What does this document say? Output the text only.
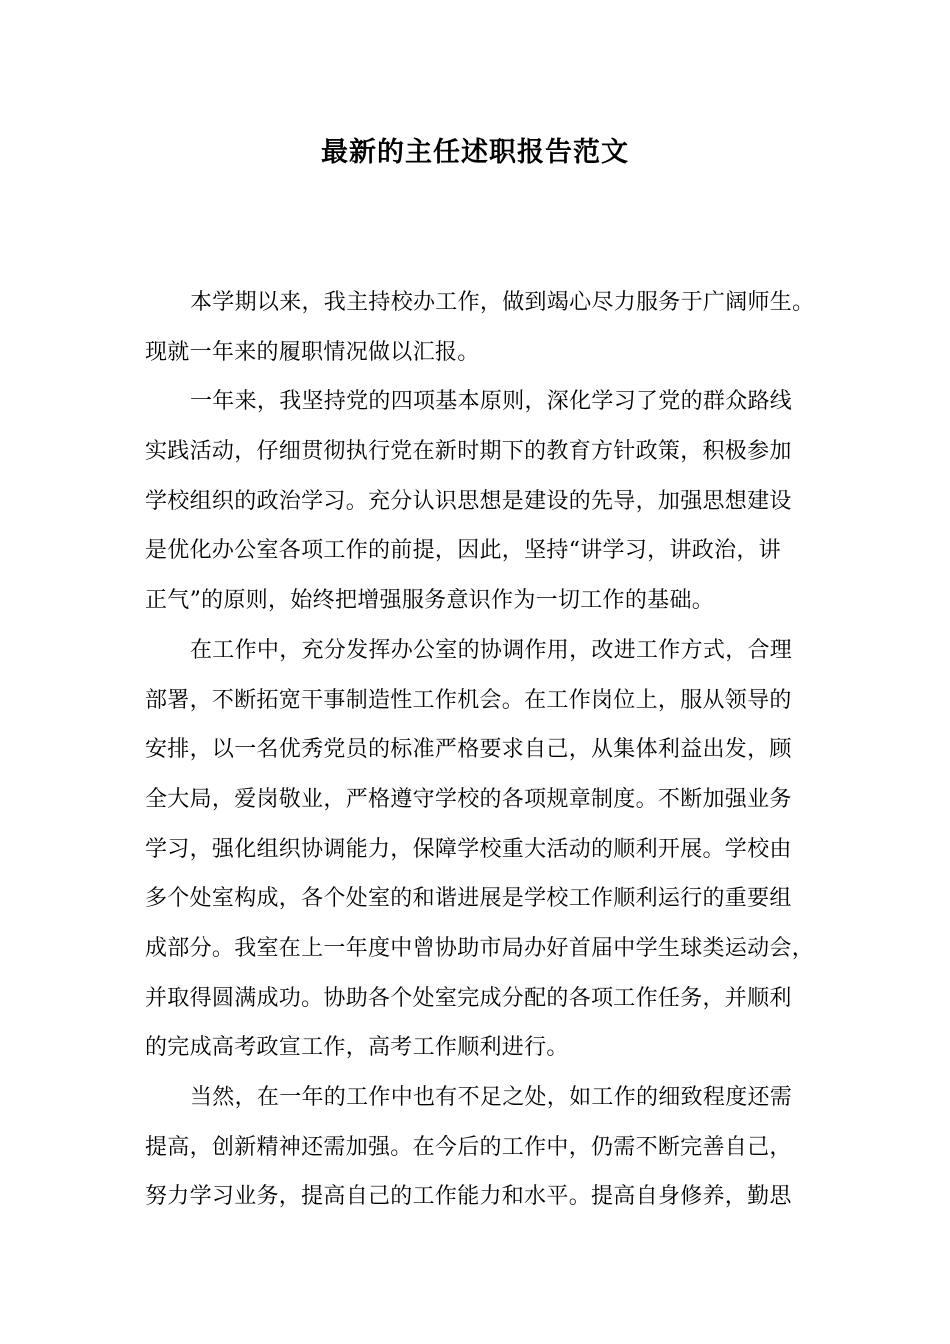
最新的主任述职报告范文
本学期以来，我主持校办工作，做到竭心尽力服务于广阔师生。
现就一年来的履职情况做以汇报。
一年来，我坚持党的四项基本原则，深化学习了党的群众路线
实践活动，仔细贯彻执行党在新时期下的教育方针政策，积极参加
学校组织的政治学习。充分认识思想是建设的先导，加强思想建设
是优化办公室各项工作的前提，因此，坚持“讲学习，讲政治，讲
正气”的原则，始终把增强服务意识作为一切工作的基础。
在工作中，充分发挥办公室的协调作用，改进工作方式，合理
部署，不断拓宽干事制造性工作机会。在工作岗位上，服从领导的
安排，以一名优秀党员的标准严格要求自己，从集体利益出发，顾
全大局，爱岗敬业，严格遵守学校的各项规章制度。不断加强业务
学习，强化组织协调能力，保障学校重大活动的顺利开展。学校由
多个处室构成，各个处室的和谐进展是学校工作顺利运行的重要组
成部分。我室在上一年度中曾协助市局办好首届中学生球类运动会，
并取得圆满成功。协助各个处室完成分配的各项工作任务，并顺利
的完成高考政宣工作，高考工作顺利进行。
当然，在一年的工作中也有不足之处，如工作的细致程度还需
提高，创新精神还需加强。在今后的工作中，仍需不断完善自己，
努力学习业务，提高自己的工作能力和水平。提高自身修养，勤思
